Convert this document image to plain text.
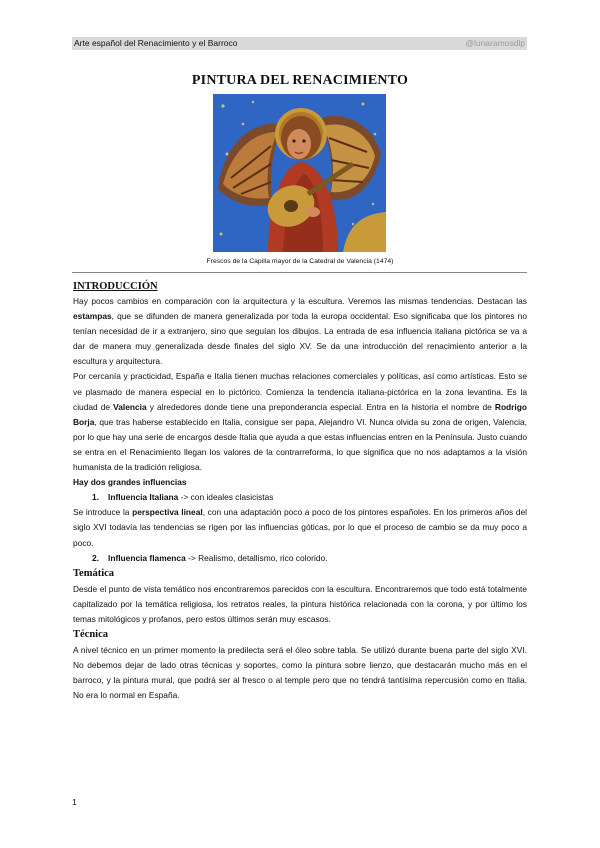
Arte español del Renacimiento y el Barroco	@lunaramosdlp
PINTURA DEL RENACIMIENTO
Frescos de la Capilla mayor de la Catedral de Valencia (1474)
INTRODUCCIÓN

Hay pocos cambios en comparación con la arquitectura y la escultura. Veremos las mismas tendencias. Destacan las estampas, que se difunden de manera generalizada por toda la europa occidental. Eso significaba que los pintores no tenían necesidad de ir a extranjero, sino que seguían los dibujos. La entrada de esa influencia italiana pictórica se va a dar de manera muy generalizada desde finales del siglo XV. Se da una introducción del renacimiento anterior a la escultura y arquitectura.

Por cercanía y practicidad, España e Italia tienen muchas relaciones comerciales y políticas, así como artísticas. Esto se ve plasmado de manera especial en lo pictórico. Comienza la tendencia italiana-pictórica en la zona levantina. Es la ciudad de Valencia y alrededores donde tiene una preponderancia especial. Entra en la historia el nombre de Rodrigo Borja, que tras haberse establecido en Italia, consigue ser papa, Alejandro VI. Nunca olvida su zona de origen, Valencia, por lo que hay una serie de encargos desde Italia que ayuda a que estas influencias entren en la Península. Justo cuando se entra en el Renacimiento llegan los valores de la contrarreforma, lo que significa que no nos adaptamos a la visión humanista de la tradición religiosa.

Hay dos grandes influencias
1. Influencia Italiana -> con ideales clasicistas

Se introduce la perspectiva lineal, con una adaptación poco a poco de los pintores españoles. En los primeros años del siglo XVI todavía las tendencias se rigen por las influencias góticas, por lo que el proceso de cambio se da muy poco a poco.

2. Influencia flamenca -> Realismo, detallismo, rico colorido.
Temática

Desde el punto de vista temático nos encontraremos parecidos con la escultura. Encontraremos que todo está totalmente capitalizado por la temática religiosa, los retratos reales, la pintura histórica relacionada con la corona, y por último los temas mitológicos y profanos, pero estos últimos serán muy escasos.

Técnica

A nivel técnico en un primer momento la predilecta será el óleo sobre tabla. Se utilizó durante buena parte del siglo XVI. No debemos dejar de lado otras técnicas y soportes, como la pintura sobre lienzo, que destacarán mucho más en el barroco, y la pintura mural, que podrá ser al fresco o al temple pero que no tendrá tantísima repercusión como en Italia. No era lo normal en España.

1
